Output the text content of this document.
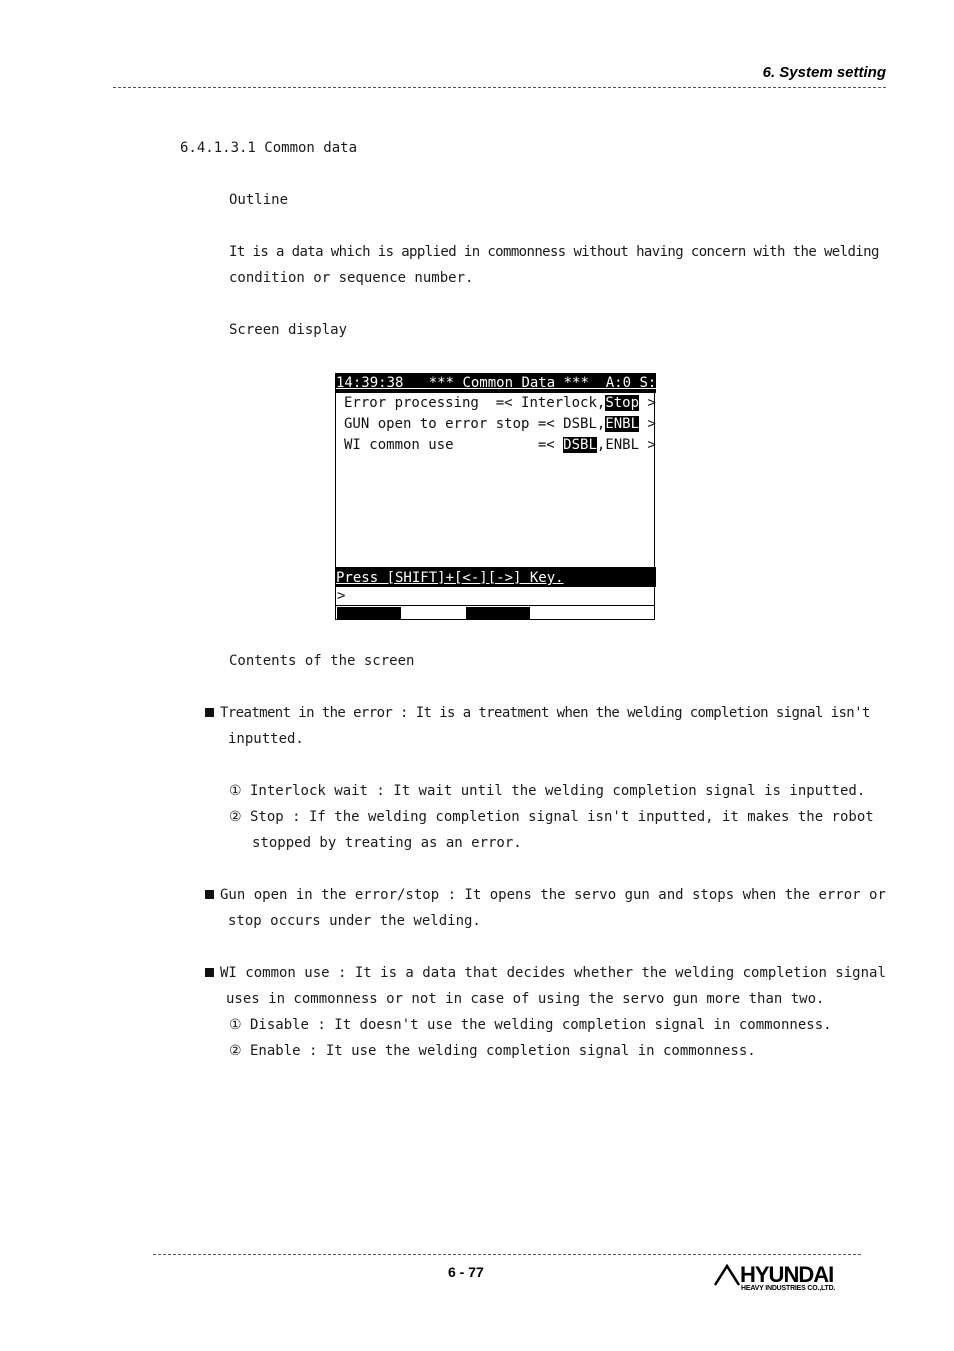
6. System setting
6.4.1.3.1 Common data
Outline
It is a data which is applied in commonness without having concern with the welding
condition or sequence number.
Screen display
14:39:38 *** Common Data *** A:0 S:4
Error processing  =< Interlock,Stop >
GUN open to error stop =< DSBL,ENBL >
WI common use          =< DSBL,ENBL >
Press [SHIFT]+[<-][->] Key.
>
Contents of the screen
Treatment in the error : It is a treatment when the welding completion signal isn't
inputted.
① Interlock wait : It wait until the welding completion signal is inputted.
② Stop : If the welding completion signal isn't inputted, it makes the robot
stopped by treating as an error.
Gun open in the error/stop : It opens the servo gun and stops when the error or
stop occurs under the welding.
WI common use : It is a data that decides whether the welding completion signal
uses in commonness or not in case of using the servo gun more than two.
① Disable : It doesn't use the welding completion signal in commonness.
② Enable : It use the welding completion signal in commonness.
6 - 77	HYUNDAI
HEAVY INDUSTRIES CO.,LTD.
